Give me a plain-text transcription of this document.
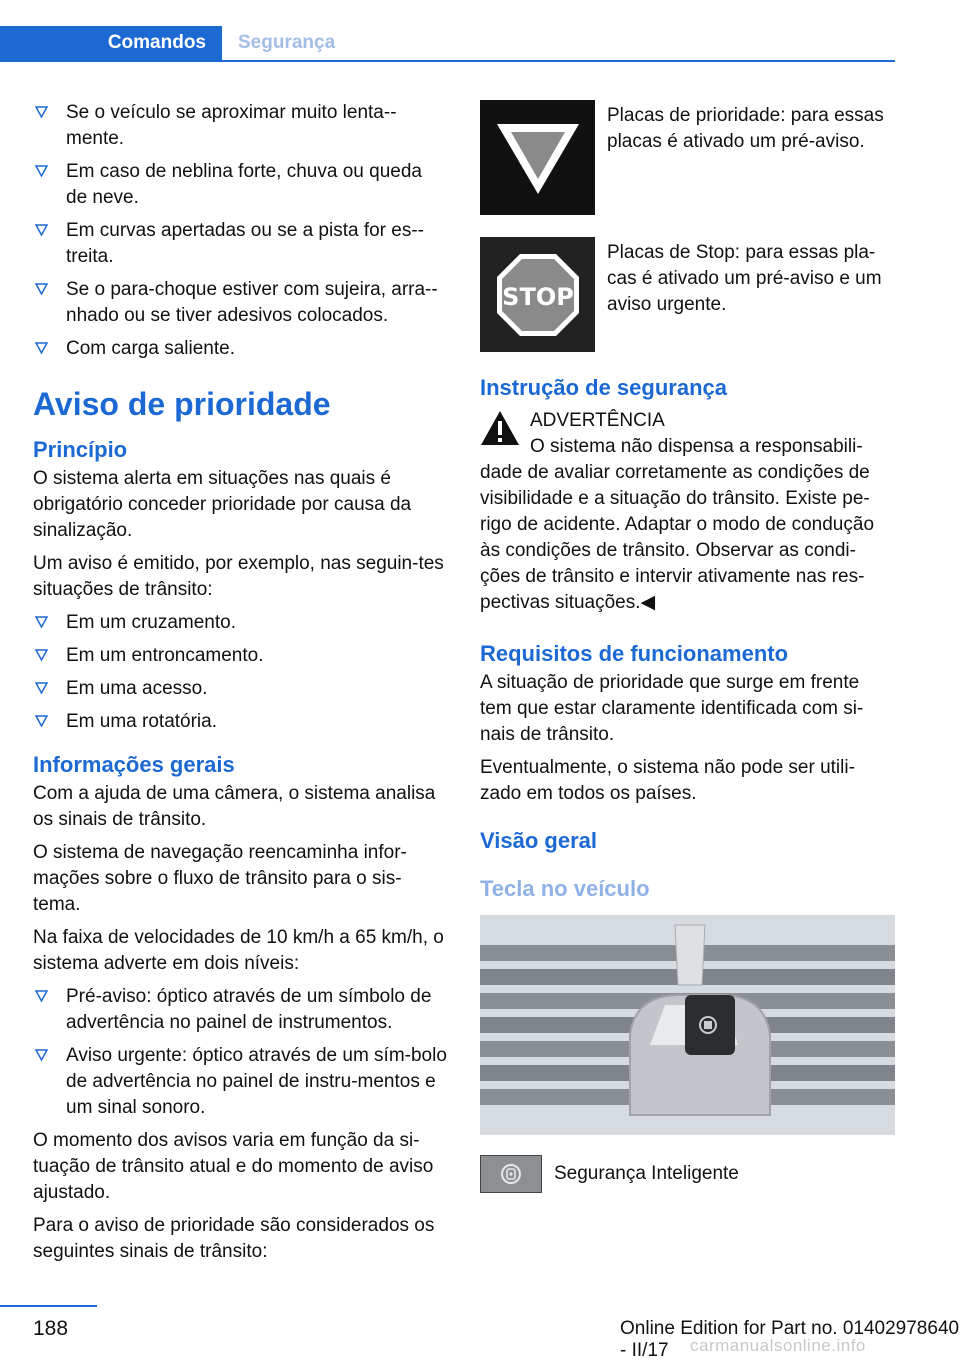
Comandos	Segurança
Se o veículo se aproximar muito lenta-mente.
Em caso de neblina forte, chuva ou queda de neve.
Em curvas apertadas ou se a pista for es-treita.
Se o para-choque estiver com sujeira, arra-nhado ou se tiver adesivos colocados.
Com carga saliente.
Aviso de prioridade
Princípio
O sistema alerta em situações nas quais é obrigatório conceder prioridade por causa da sinalização.
Um aviso é emitido, por exemplo, nas seguin-tes situações de trânsito:
Em um cruzamento.
Em um entroncamento.
Em uma acesso.
Em uma rotatória.
Informações gerais
Com a ajuda de uma câmera, o sistema analisa os sinais de trânsito.
O sistema de navegação reencaminha infor-mações sobre o fluxo de trânsito para o sis-tema.
Na faixa de velocidades de 10 km/h a 65 km/h, o sistema adverte em dois níveis:
Pré-aviso: óptico através de um símbolo de advertência no painel de instrumentos.
Aviso urgente: óptico através de um sím-bolo de advertência no painel de instru-mentos e um sinal sonoro.
O momento dos avisos varia em função da si-tuação de trânsito atual e do momento de aviso ajustado.
Para o aviso de prioridade são considerados os seguintes sinais de trânsito:
Placas de prioridade: para essas placas é ativado um pré-aviso.
STOP
Placas de Stop: para essas pla-cas é ativado um pré-aviso e um aviso urgente.
Instrução de segurança
ADVERTÊNCIA
O sistema não dispensa a responsabili-dade de avaliar corretamente as condições de visibilidade e a situação do trânsito. Existe pe-rigo de acidente. Adaptar o modo de condução às condições de trânsito. Observar as condi-ções de trânsito e intervir ativamente nas res-pectivas situações.◀
Requisitos de funcionamento
A situação de prioridade que surge em frente tem que estar claramente identificada com si-nais de trânsito.
Eventualmente, o sistema não pode ser utili-zado em todos os países.
Visão geral
Tecla no veículo
Segurança Inteligente
188	Online Edition for Part no. 01402978640 - II/17	carmanualsonline.info
